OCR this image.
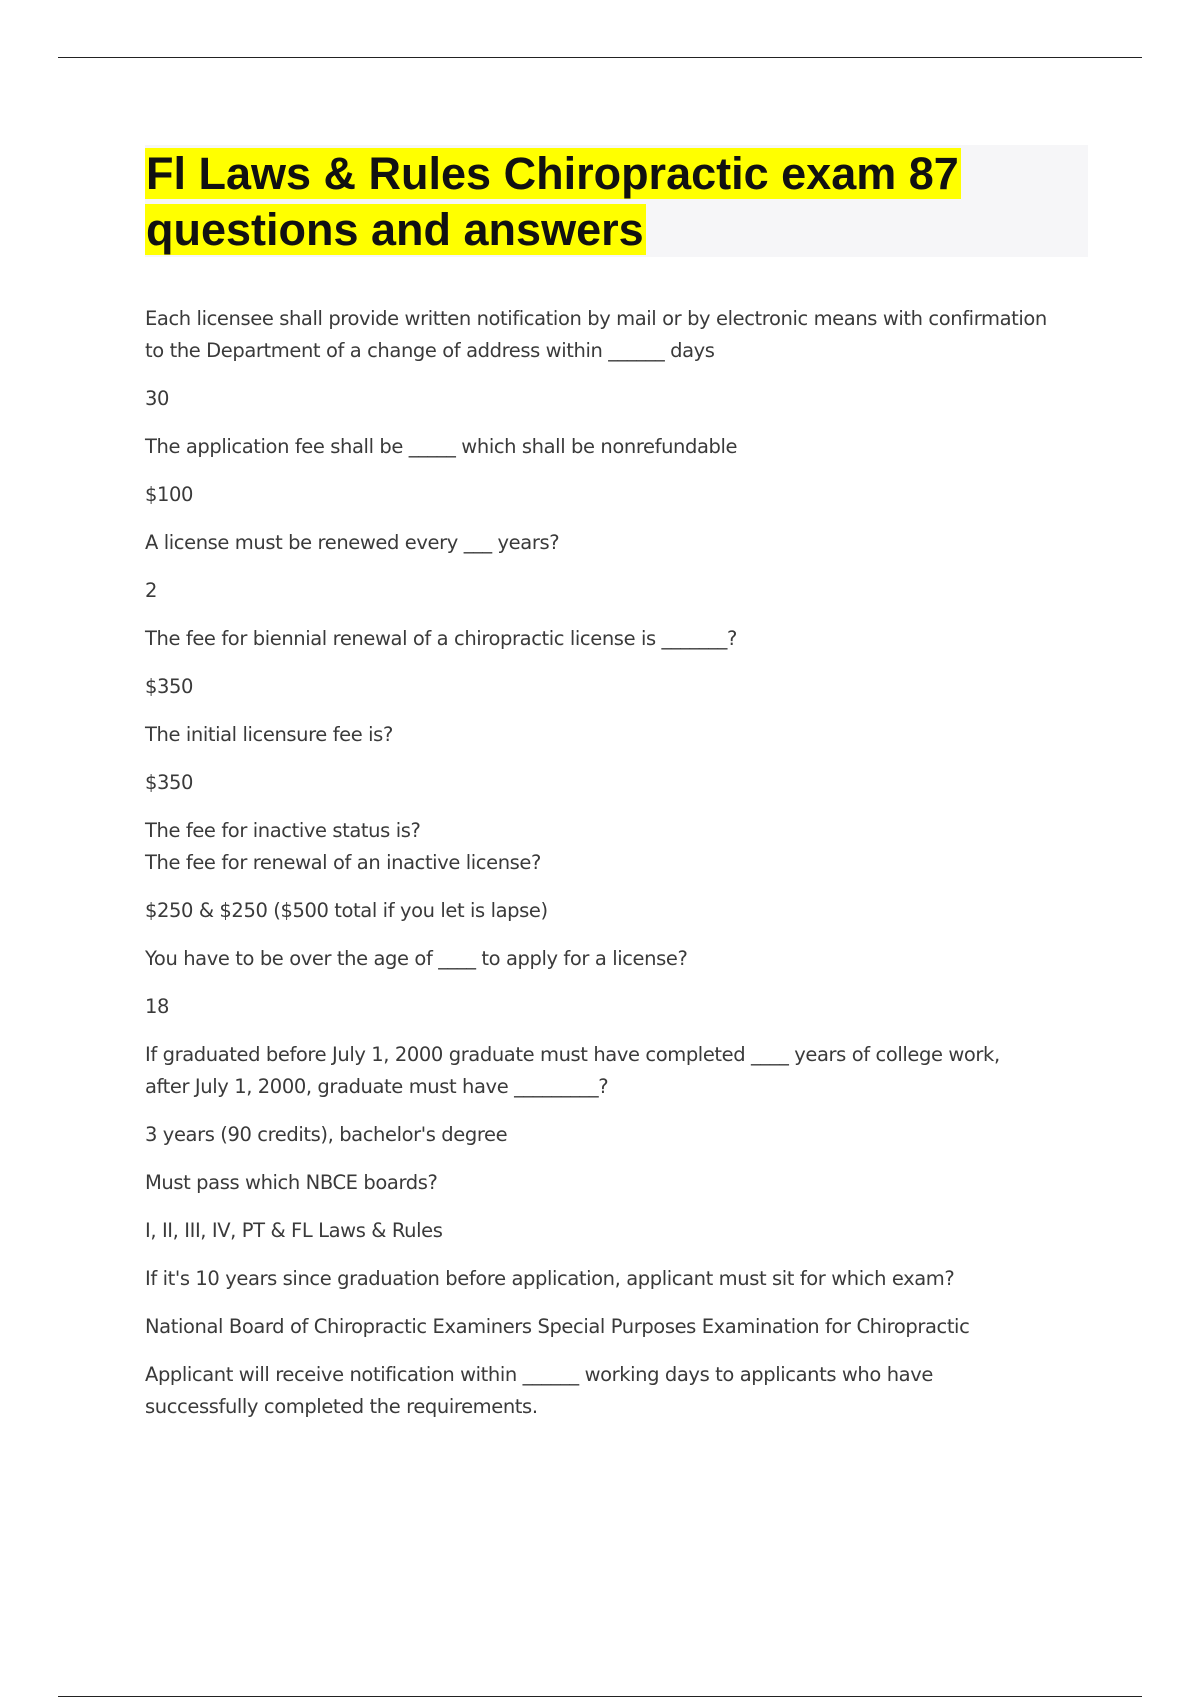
Fl Laws & Rules Chiropractic exam 87
questions and answers

Each licensee shall provide written notification by mail or by electronic means with confirmation
to the Department of a change of address within ______ days

30

The application fee shall be _____ which shall be nonrefundable

$100

A license must be renewed every ___ years?

2

The fee for biennial renewal of a chiropractic license is _______?

$350

The initial licensure fee is?

$350

The fee for inactive status is?
The fee for renewal of an inactive license?

$250 & $250 ($500 total if you let is lapse)

You have to be over the age of ____ to apply for a license?

18

If graduated before July 1, 2000 graduate must have completed ____ years of college work,
after July 1, 2000, graduate must have _________?

3 years (90 credits), bachelor's degree

Must pass which NBCE boards?

I, II, III, IV, PT & FL Laws & Rules

If it's 10 years since graduation before application, applicant must sit for which exam?

National Board of Chiropractic Examiners Special Purposes Examination for Chiropractic

Applicant will receive notification within ______ working days to applicants who have
successfully completed the requirements.
